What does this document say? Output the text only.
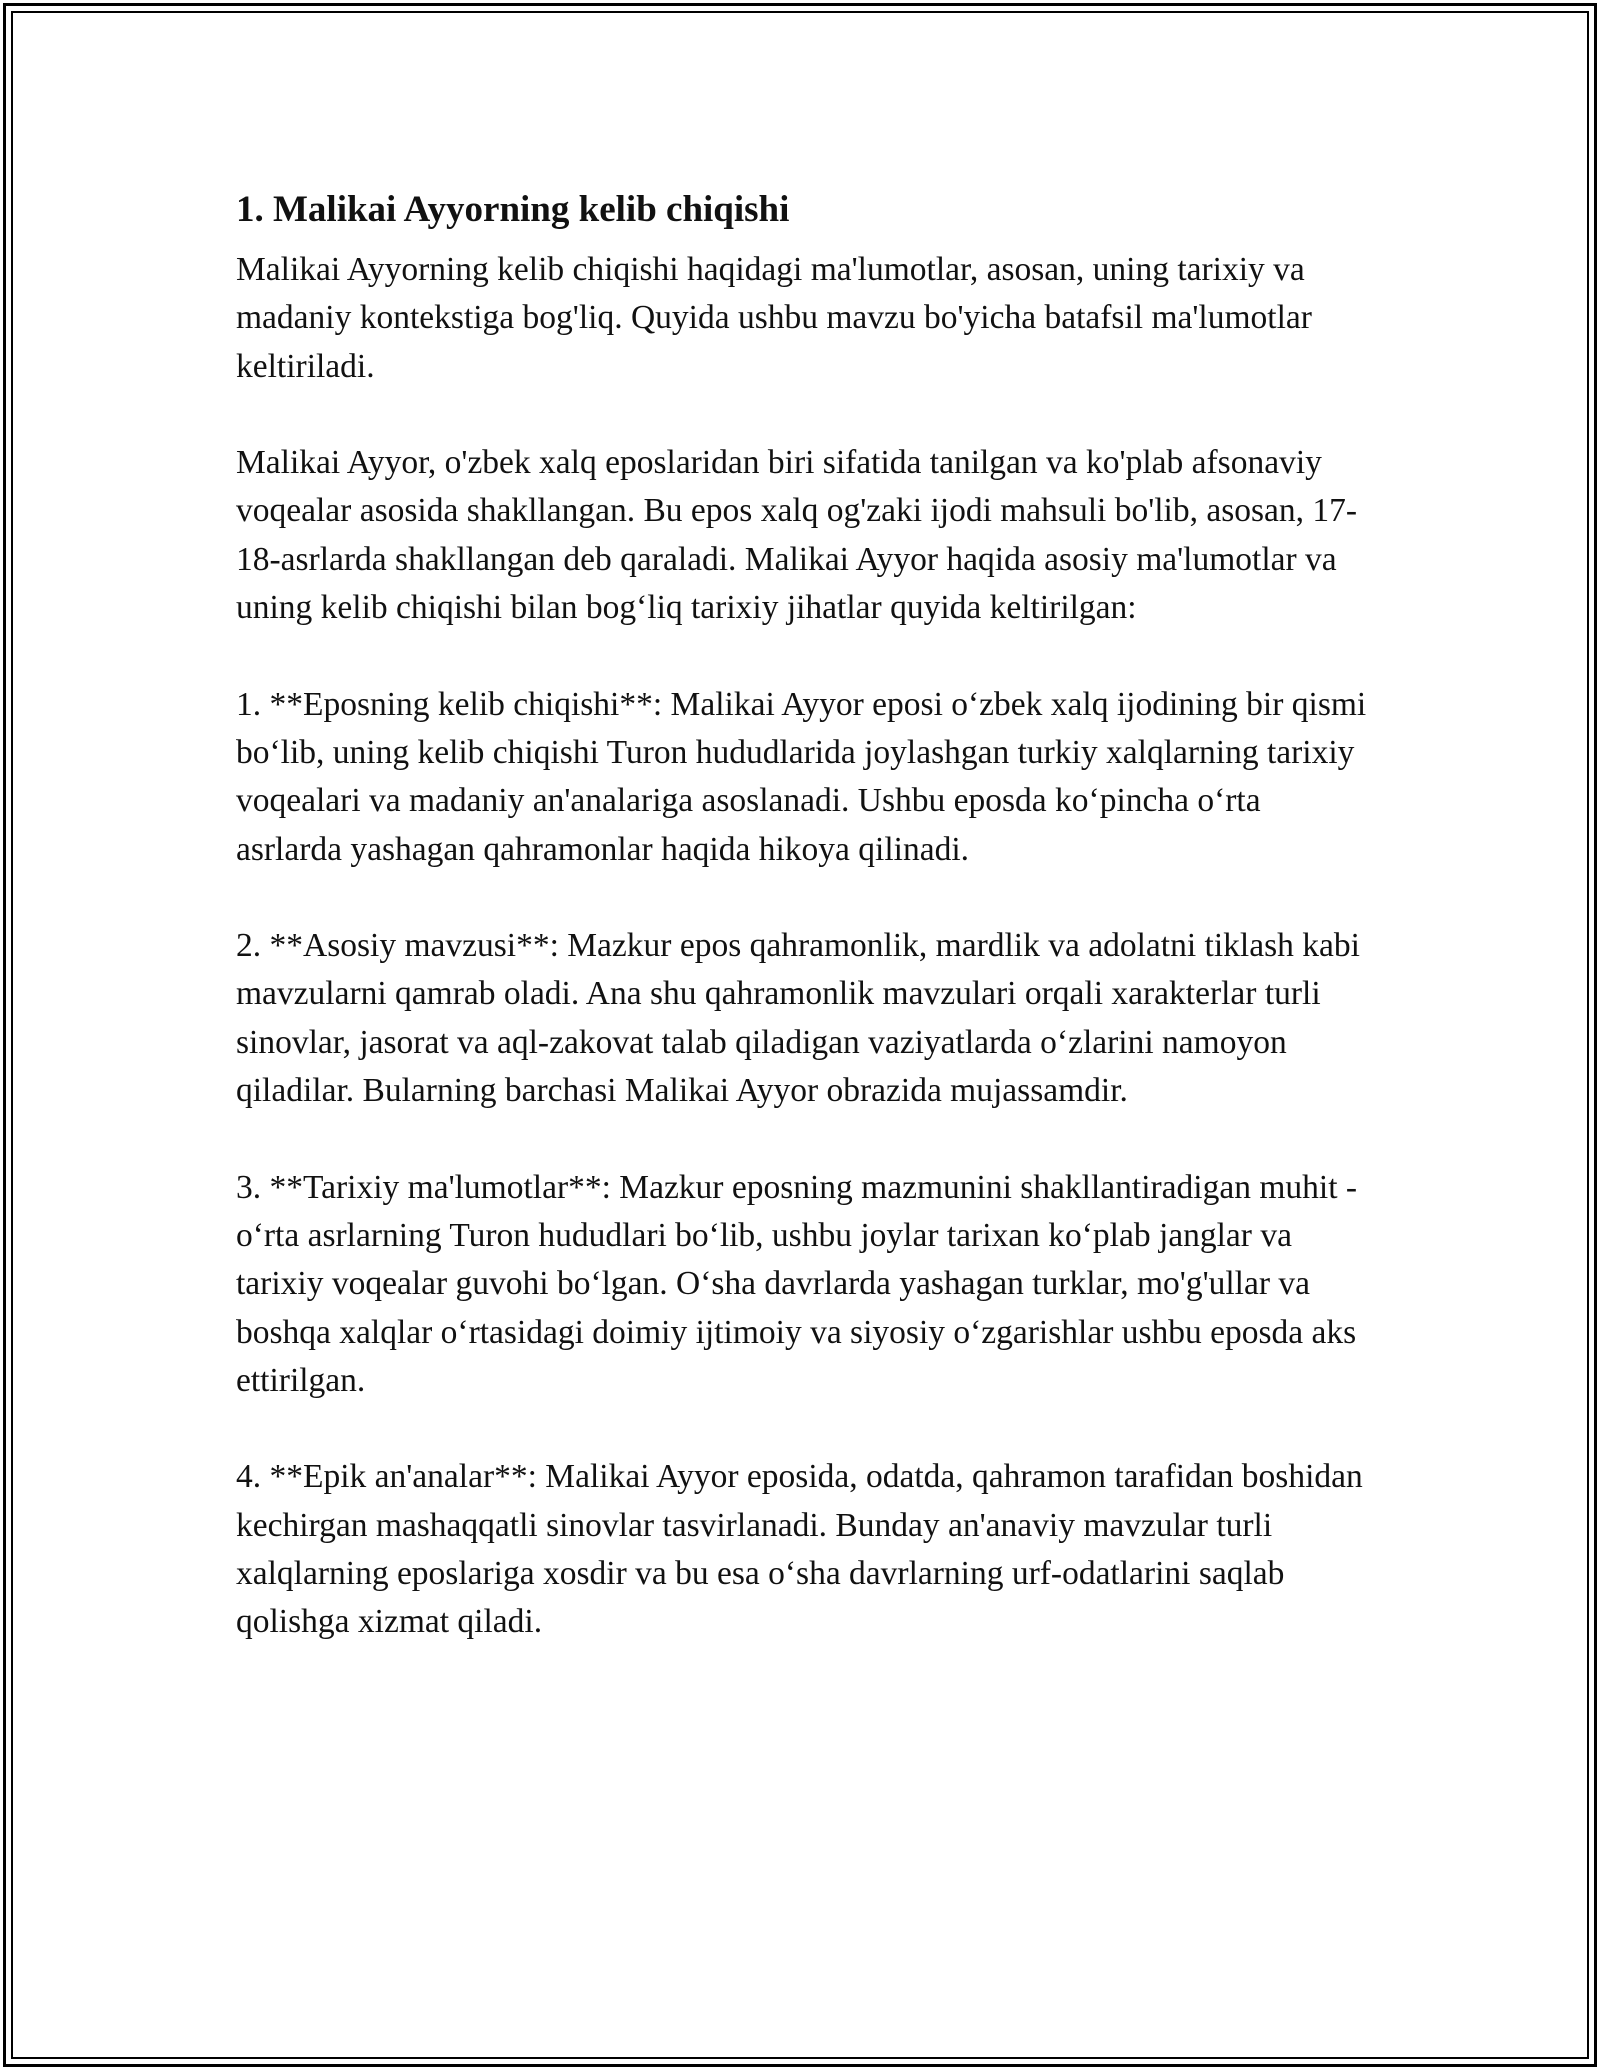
1. Malikai Ayyorning kelib chiqishi

Malikai Ayyorning kelib chiqishi haqidagi ma'lumotlar, asosan, uning tarixiy va madaniy kontekstiga bog'liq. Quyida ushbu mavzu bo'yicha batafsil ma'lumotlar keltiriladi.

Malikai Ayyor, o'zbek xalq eposlaridan biri sifatida tanilgan va ko'plab afsonaviy voqealar asosida shakllangan. Bu epos xalq og'zaki ijodi mahsuli bo'lib, asosan, 17-18-asrlarda shakllangan deb qaraladi. Malikai Ayyor haqida asosiy ma'lumotlar va uning kelib chiqishi bilan bog‘liq tarixiy jihatlar quyida keltirilgan:

1. **Eposning kelib chiqishi**: Malikai Ayyor eposi o‘zbek xalq ijodining bir qismi bo‘lib, uning kelib chiqishi Turon hududlarida joylashgan turkiy xalqlarning tarixiy voqealari va madaniy an'analariga asoslanadi. Ushbu eposda ko‘pincha o‘rta asrlarda yashagan qahramonlar haqida hikoya qilinadi.

2. **Asosiy mavzusi**: Mazkur epos qahramonlik, mardlik va adolatni tiklash kabi mavzularni qamrab oladi. Ana shu qahramonlik mavzulari orqali xarakterlar turli sinovlar, jasorat va aql-zakovat talab qiladigan vaziyatlarda o‘zlarini namoyon qiladilar. Bularning barchasi Malikai Ayyor obrazida mujassamdir.

3. **Tarixiy ma'lumotlar**: Mazkur eposning mazmunini shakllantiradigan muhit - o‘rta asrlarning Turon hududlari bo‘lib, ushbu joylar tarixan ko‘plab janglar va tarixiy voqealar guvohi bo‘lgan. O‘sha davrlarda yashagan turklar, mo'g'ullar va boshqa xalqlar o‘rtasidagi doimiy ijtimoiy va siyosiy o‘zgarishlar ushbu eposda aks ettirilgan.

4. **Epik an'analar**: Malikai Ayyor eposida, odatda, qahramon tarafidan boshidan kechirgan mashaqqatli sinovlar tasvirlanadi. Bunday an'anaviy mavzular turli xalqlarning eposlariga xosdir va bu esa o‘sha davrlarning urf-odatlarini saqlab qolishga xizmat qiladi.
